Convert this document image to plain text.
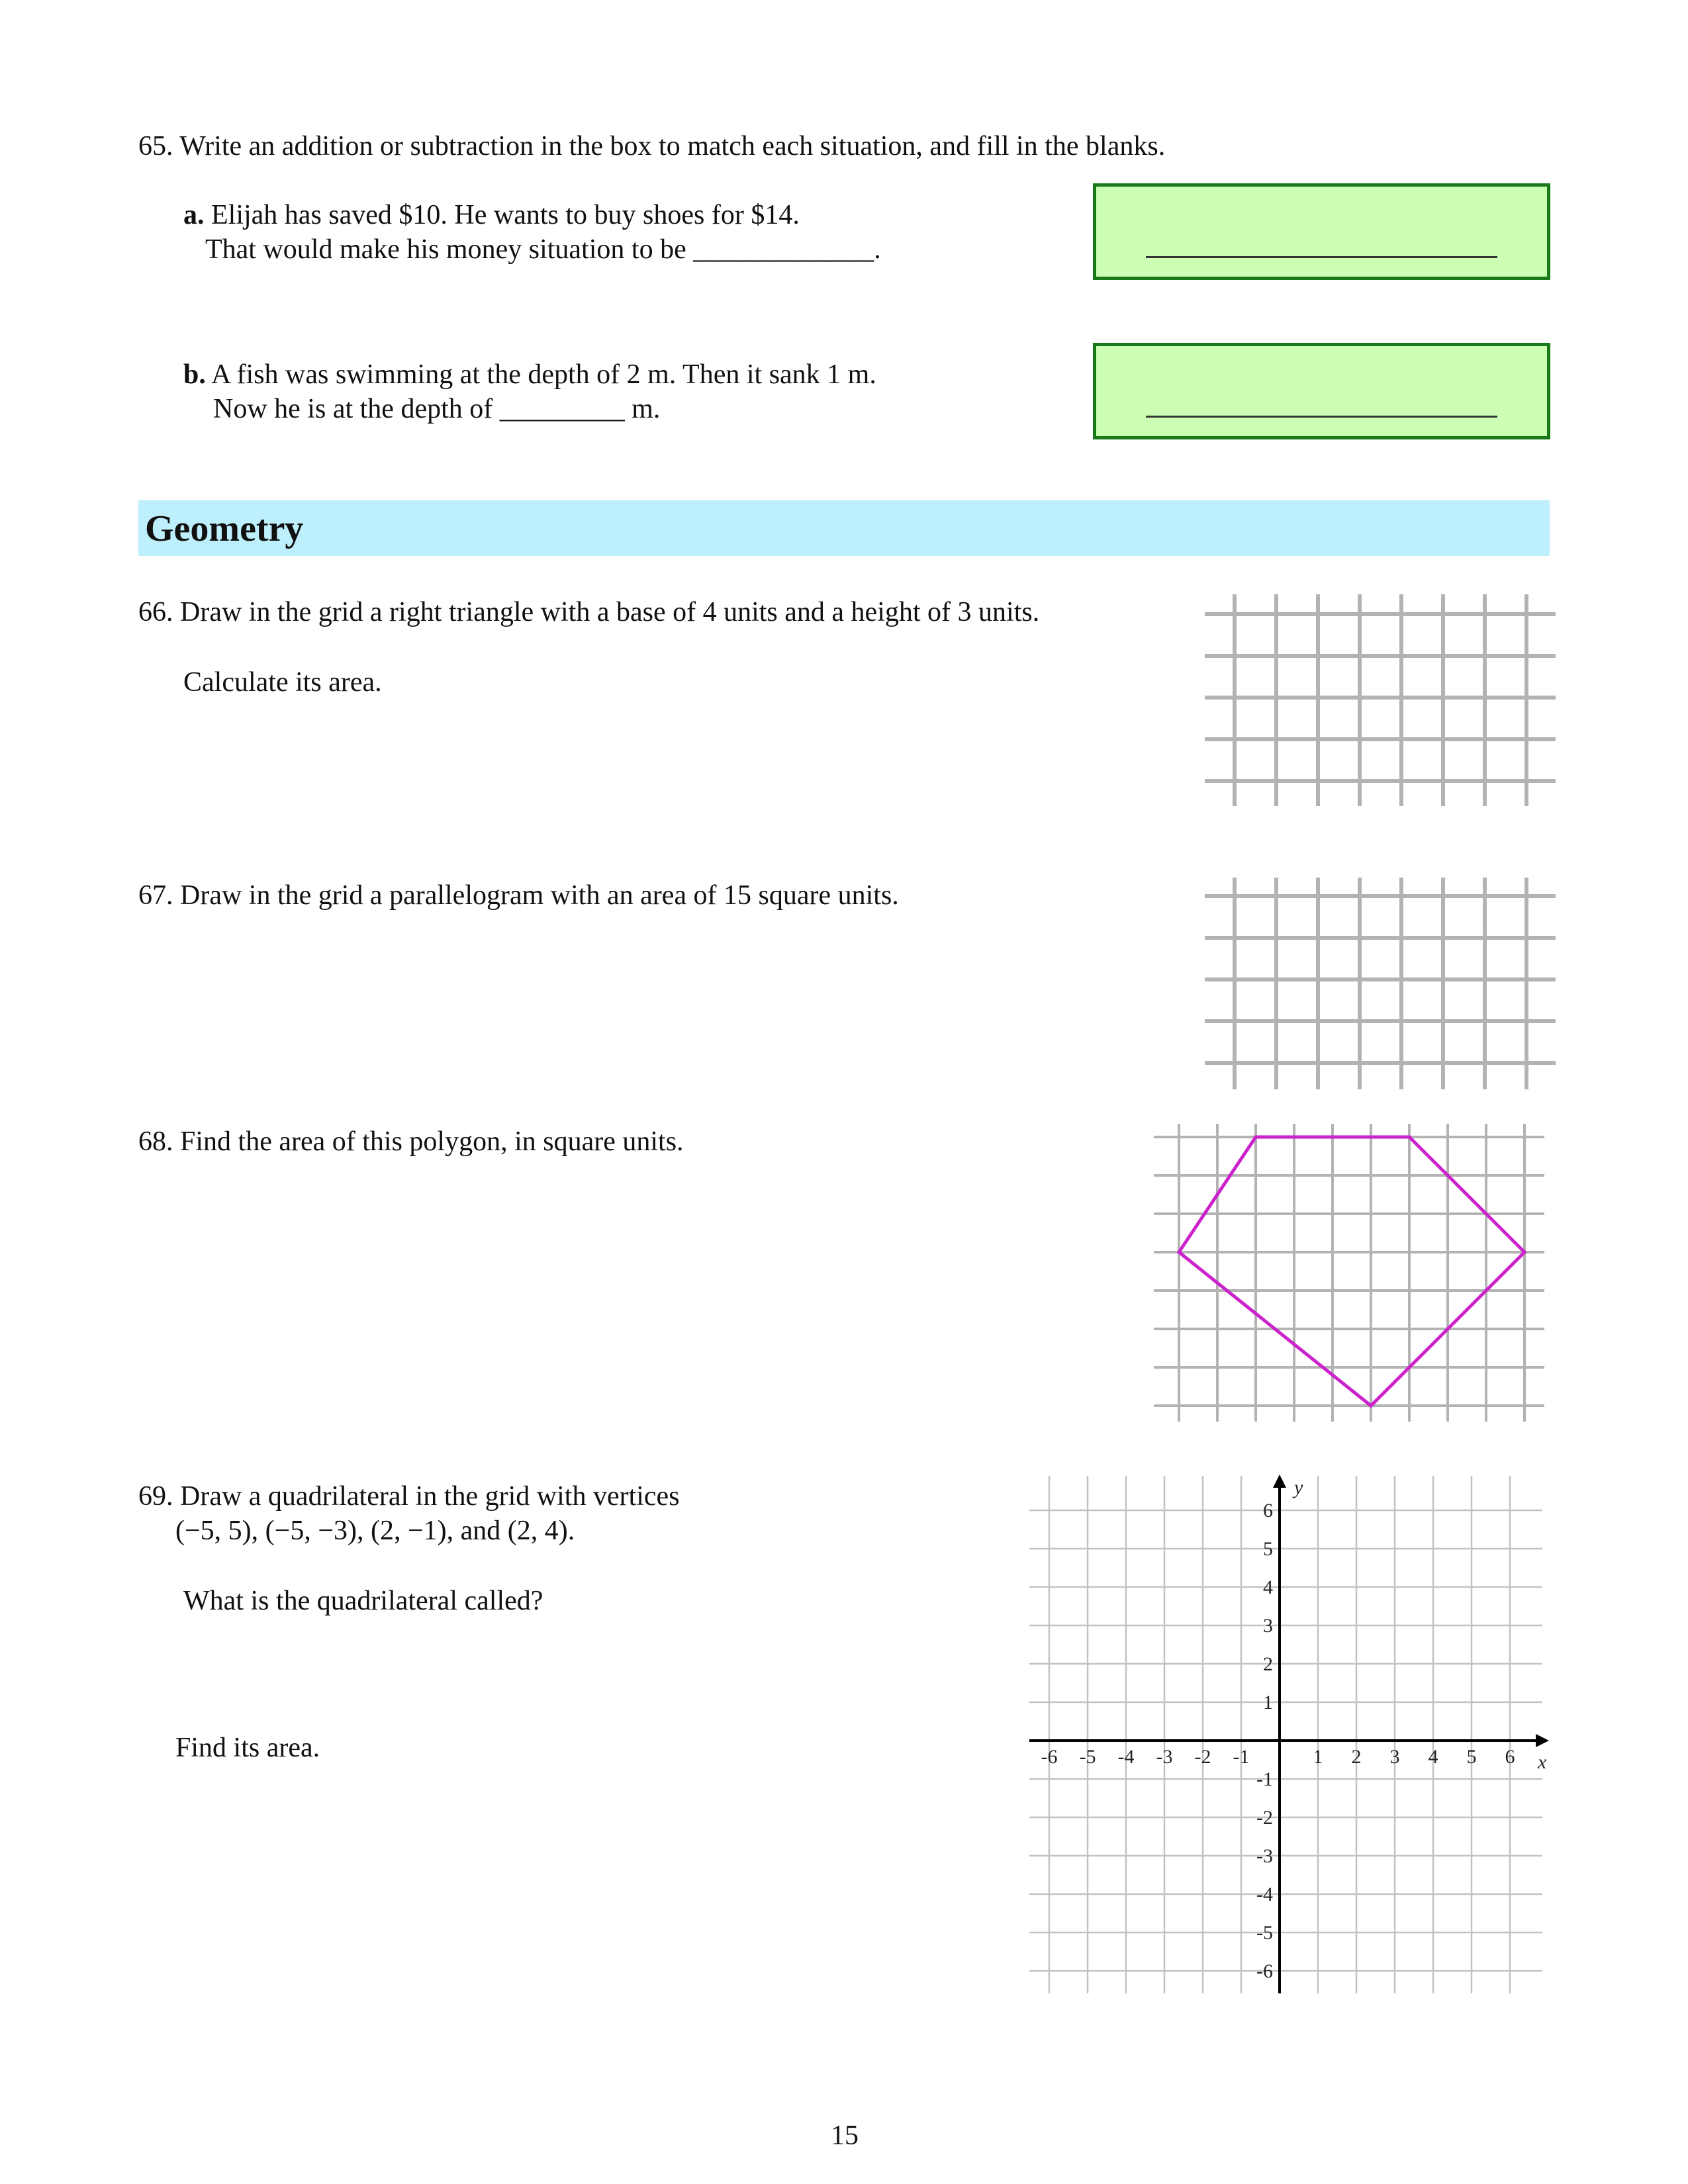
65. Write an addition or subtraction in the box to match each situation, and fill in the blanks.
a. Elijah has saved $10. He wants to buy shoes for $14.
That would make his money situation to be _____________.
b. A fish was swimming at the depth of 2 m. Then it sank 1 m.
Now he is at the depth of _________ m.
Geometry
66. Draw in the grid a right triangle with a base of 4 units and a height of 3 units.
Calculate its area.
67. Draw in the grid a parallelogram with an area of 15 square units.
68. Find the area of this polygon, in square units.
69. Draw a quadrilateral in the grid with vertices
(−5, 5), (−5, −3), (2, −1), and (2, 4).
What is the quadrilateral called?
Find its area.
y
x
-6 -5 -4 -3 -2 -1	1 2 3 4 5 6
6
5
4
3
2
1
-1
-2
-3
-4
-5
-6
15
